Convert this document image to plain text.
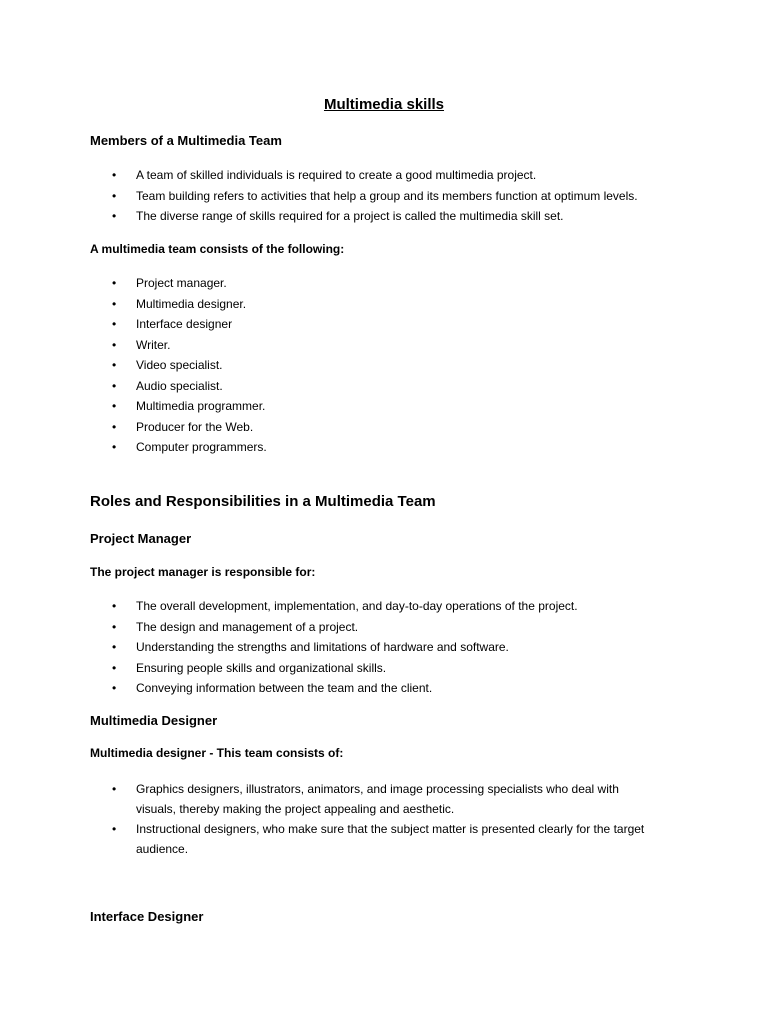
Multimedia skills
Members of a Multimedia Team
• A team of skilled individuals is required to create a good multimedia project.
• Team building refers to activities that help a group and its members function at optimum levels.
• The diverse range of skills required for a project is called the multimedia skill set.
A multimedia team consists of the following:
• Project manager.
• Multimedia designer.
• Interface designer
• Writer.
• Video specialist.
• Audio specialist.
• Multimedia programmer.
• Producer for the Web.
• Computer programmers.
Roles and Responsibilities in a Multimedia Team
Project Manager
The project manager is responsible for:
• The overall development, implementation, and day-to-day operations of the project.
• The design and management of a project.
• Understanding the strengths and limitations of hardware and software.
• Ensuring people skills and organizational skills.
• Conveying information between the team and the client.
Multimedia Designer
Multimedia designer - This team consists of:
• Graphics designers, illustrators, animators, and image processing specialists who deal with visuals, thereby making the project appealing and aesthetic.
• Instructional designers, who make sure that the subject matter is presented clearly for the target audience.
Interface Designer
